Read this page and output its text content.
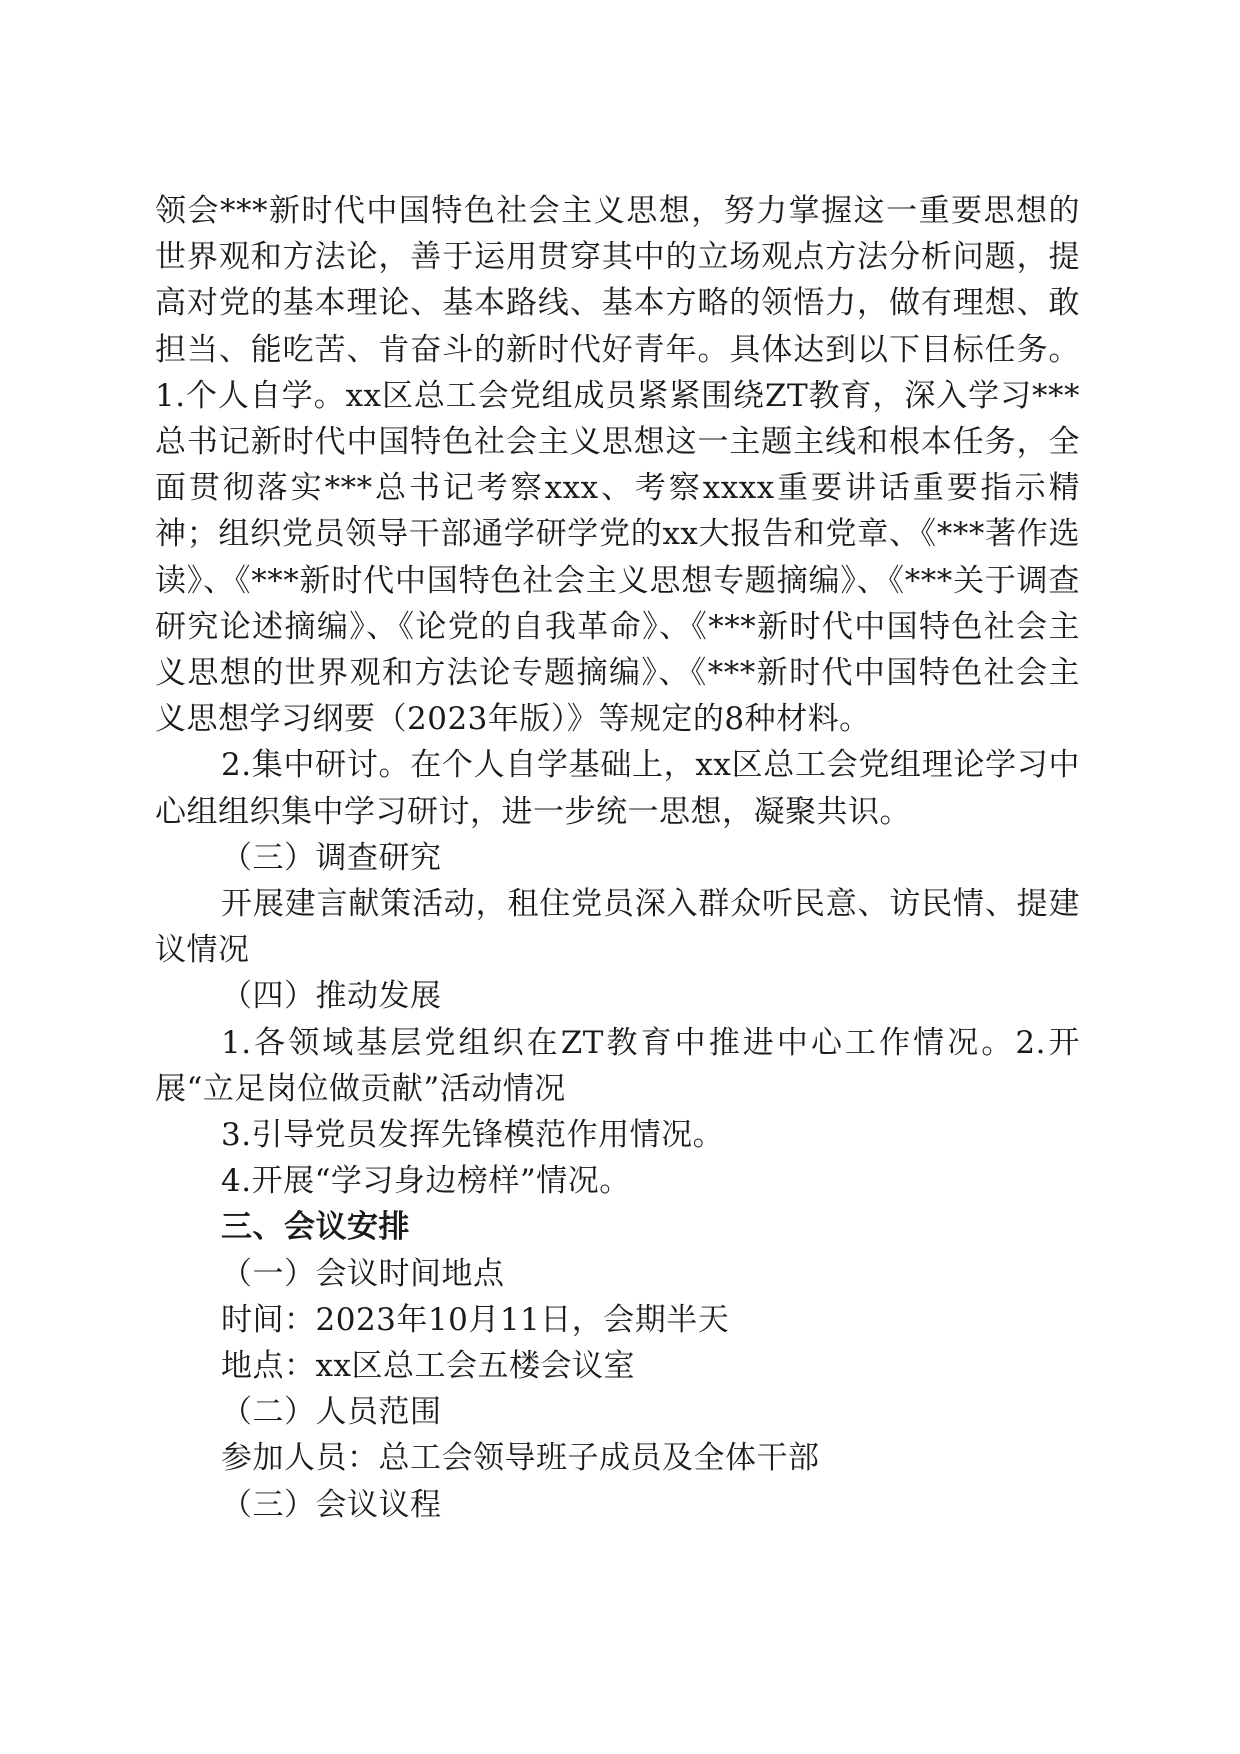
领会***新时代中国特色社会主义思想，努力掌握这一重要思想的世界观和方法论，善于运用贯穿其中的立场观点方法分析问题，提高对党的基本理论、基本路线、基本方略的领悟力，做有理想、敢担当、能吃苦、肯奋斗的新时代好青年。具体达到以下目标任务。1.个人自学。xx区总工会党组成员紧紧围绕ZT教育，深入学习***总书记新时代中国特色社会主义思想这一主题主线和根本任务，全面贯彻落实***总书记考察xxx、考察xxxx重要讲话重要指示精神；组织党员领导干部通学研学党的xx大报告和党章、《***著作选读》、《***新时代中国特色社会主义思想专题摘编》、《***关于调查研究论述摘编》、《论党的自我革命》、《***新时代中国特色社会主义思想的世界观和方法论专题摘编》、《***新时代中国特色社会主义思想学习纲要（2023年版）》等规定的8种材料。

2.集中研讨。在个人自学基础上，xx区总工会党组理论学习中心组组织集中学习研讨，进一步统一思想，凝聚共识。

（三）调查研究

开展建言献策活动，租住党员深入群众听民意、访民情、提建议情况

（四）推动发展

1.各领域基层党组织在ZT教育中推进中心工作情况。2.开展“立足岗位做贡献”活动情况

3.引导党员发挥先锋模范作用情况。

4.开展“学习身边榜样”情况。

三、会议安排

（一）会议时间地点

时间：2023年10月11日，会期半天

地点：xx区总工会五楼会议室

（二）人员范围

参加人员：总工会领导班子成员及全体干部

（三）会议议程
